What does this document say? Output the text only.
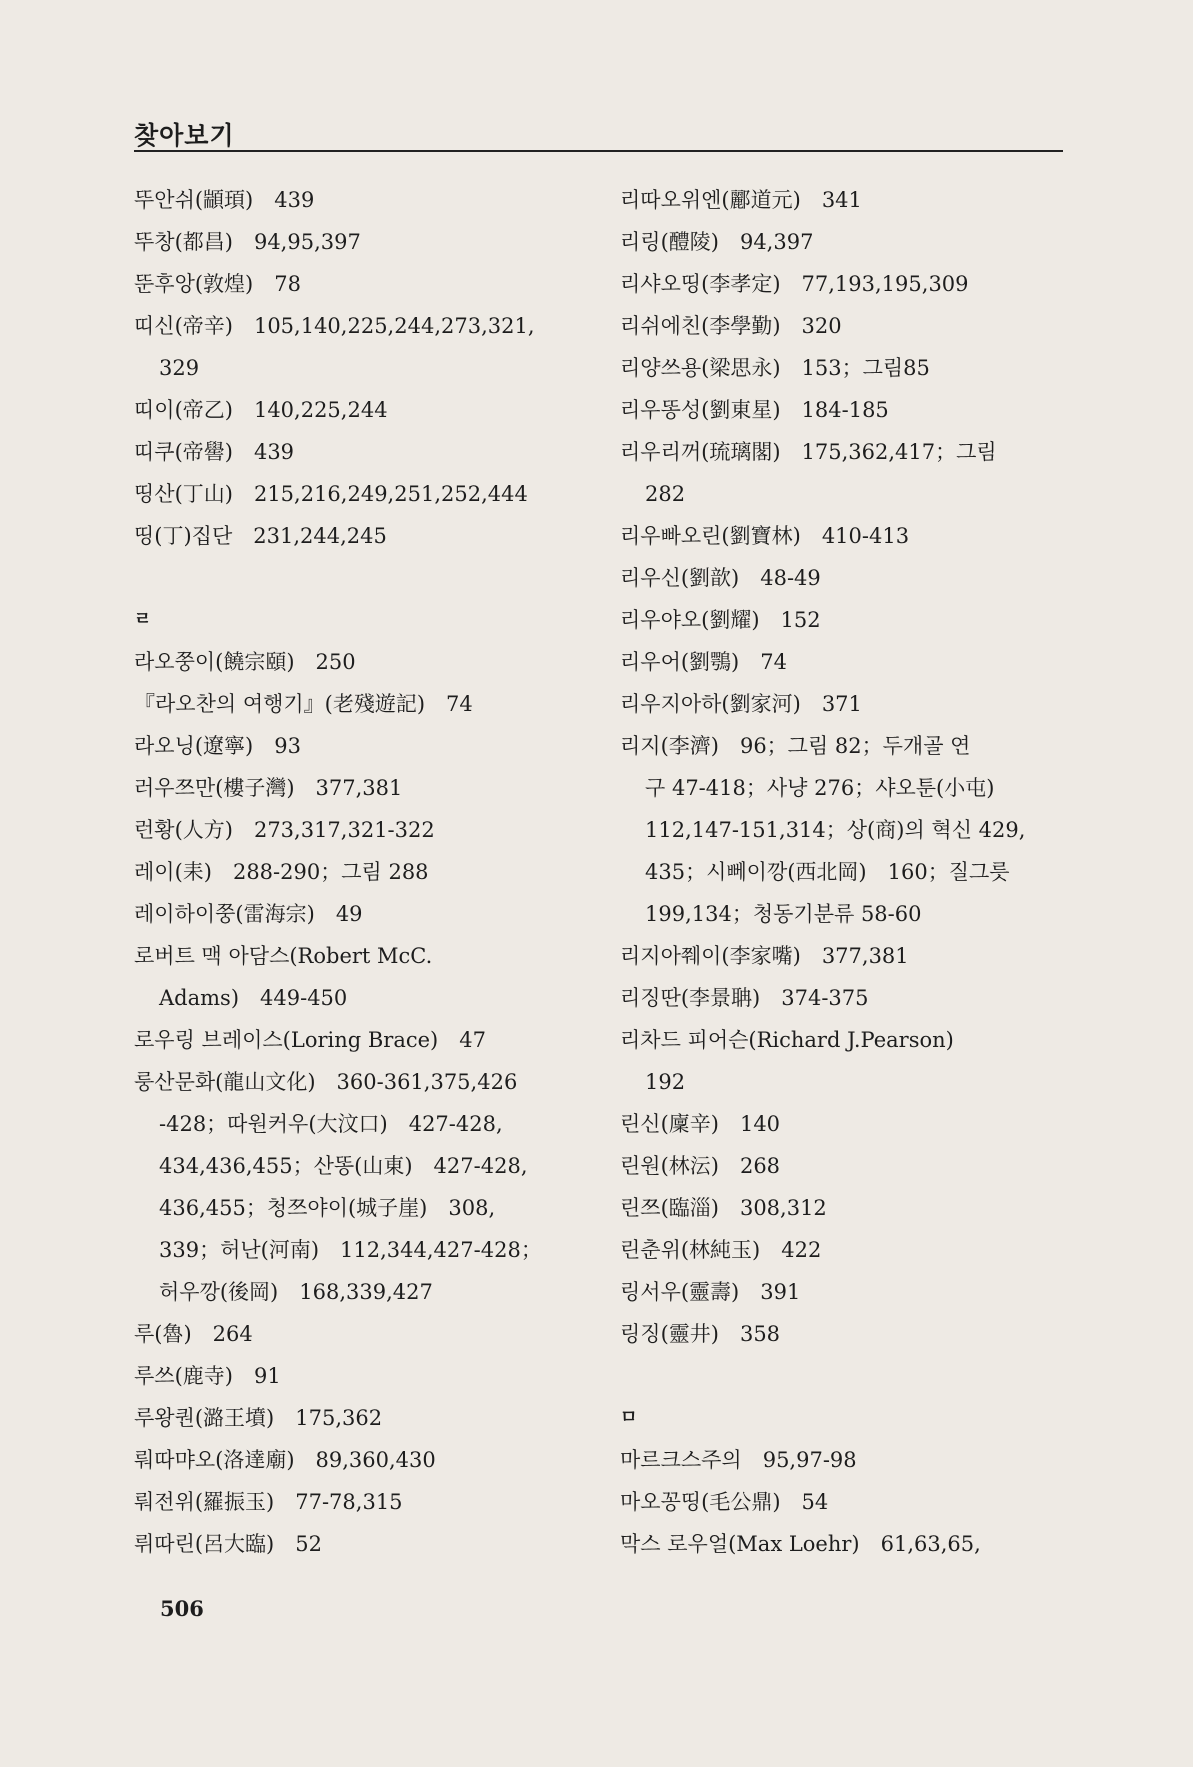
찾아보기
뚜안쉬(顓頊)　439
뚜창(都昌)　94,95,397
뚠후앙(敦煌)　78
띠신(帝辛)　105,140,225,244,273,321,
329
띠이(帝乙)　140,225,244
띠쿠(帝嚳)　439
띵산(丁山)　215,216,249,251,252,444
띵(丁)집단　231,244,245
ㄹ
라오쭝이(饒宗頤)　250
『라오찬의 여행기』(老殘遊記)　74
라오닝(遼寧)　93
러우쯔만(樓子灣)　377,381
런황(人方)　273,317,321-322
레이(耒)　288-290；그림 288
레이하이쭝(雷海宗)　49
로버트 맥 아담스(Robert McC.
Adams)　449-450
로우링 브레이스(Loring Brace)　47
룽산문화(龍山文化)　360-361,375,426
-428；따원커우(大汶口)　427-428,
434,436,455；산똥(山東)　427-428,
436,455；청쯔야이(城子崖)　308,
339；허난(河南)　112,344,427-428；
허우깡(後岡)　168,339,427
루(魯)　264
루쓰(鹿寺)　91
루왕퀀(潞王墳)　175,362
뤄따먀오(洛達廟)　89,360,430
뤄전위(羅振玉)　77-78,315
뤼따린(呂大臨)　52
리따오위엔(酈道元)　341
리링(醴陵)　94,397
리샤오띵(李孝定)　77,193,195,309
리쉬에친(李學勤)　320
리양쓰용(梁思永)　153；그림85
리우똥성(劉東星)　184-185
리우리꺼(琉璃閣)　175,362,417；그림
282
리우빠오린(劉寶林)　410-413
리우신(劉歆)　48-49
리우야오(劉耀)　152
리우어(劉鶚)　74
리우지아하(劉家河)　371
리지(李濟)　96；그림 82；두개골 연
구 47-418；사냥 276；샤오툰(小屯)
112,147-151,314；상(商)의 혁신 429,
435；시뻬이깡(西北岡)　160；질그릇
199,134；청동기분류 58-60
리지아쮀이(李家嘴)　377,381
리징딴(李景聃)　374-375
리차드 피어슨(Richard J.Pearson)
192
린신(廩辛)　140
린원(林沄)　268
린쯔(臨淄)　308,312
린춘위(林純玉)　422
링서우(靈壽)　391
링징(靈井)　358
ㅁ
마르크스주의　95,97-98
마오꽁띵(毛公鼎)　54
막스 로우얼(Max Loehr)　61,63,65,
506
